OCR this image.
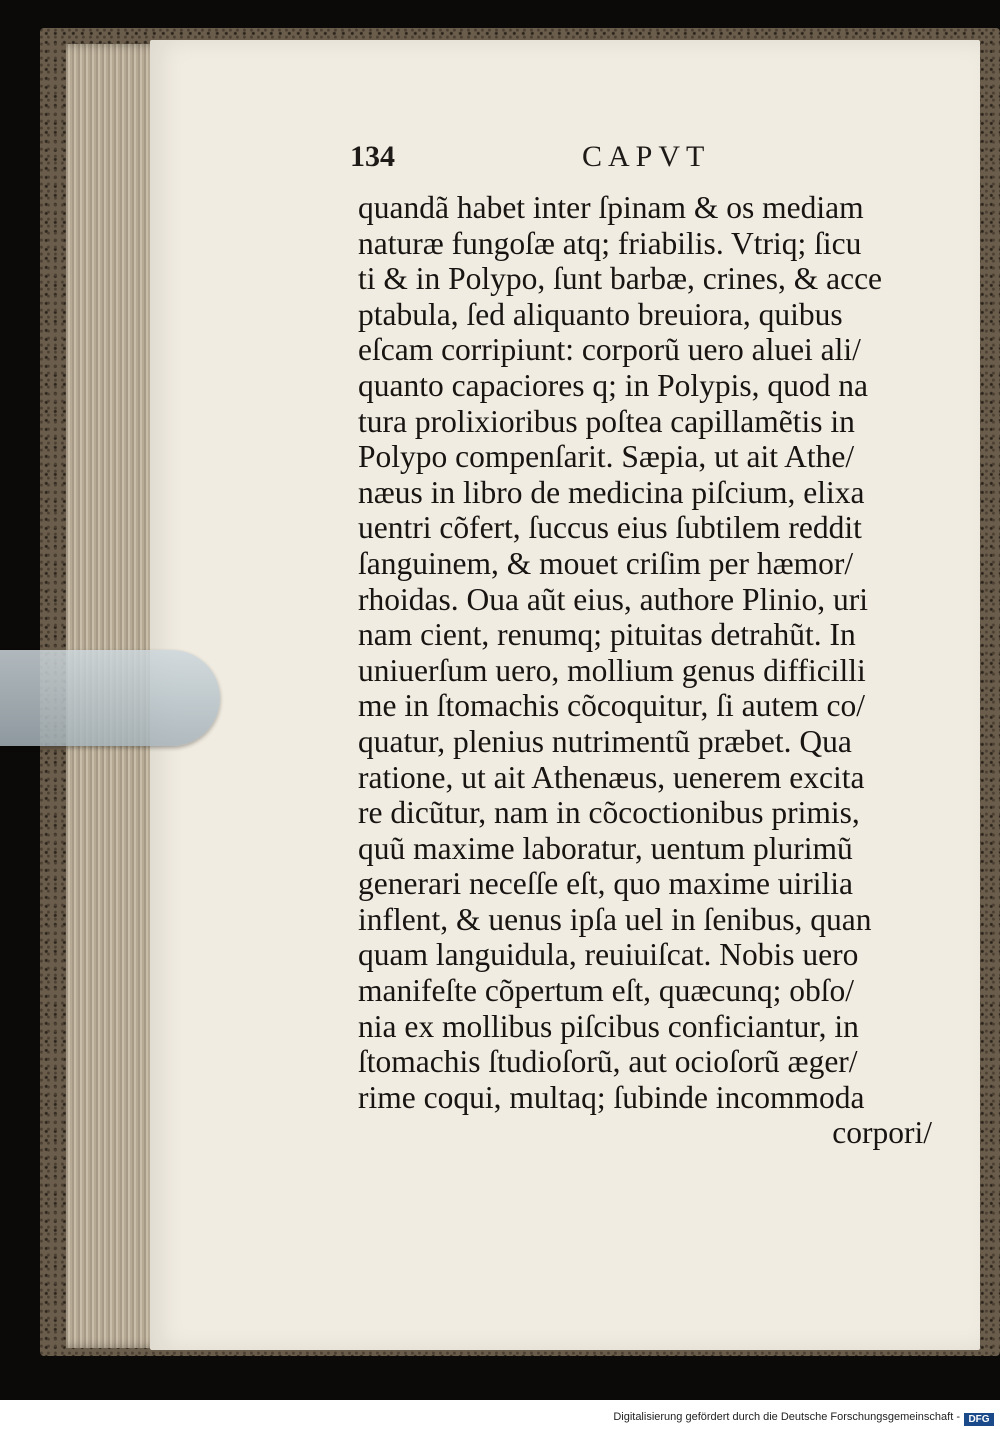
134	CAPVT
quandã habet inter ſpinam & os mediam
naturæ fungoſæ atq; friabilis. Vtriq; ſicu
ti & in Polypo, ſunt barbæ, crines, & acce
ptabula, ſed aliquanto breuiora, quibus
eſcam corripiunt: corporũ uero aluei ali/
quanto capaciores q; in Polypis, quod na
tura prolixioribus poſtea capillamẽtis in
Polypo compenſarit. Sæpia, ut ait Athe/
næus in libro de medicina piſcium, elixa
uentri cõfert, ſuccus eius ſubtilem reddit
ſanguinem, & mouet criſim per hæmor/
rhoidas. Oua aũt eius, authore Plinio, uri
nam cient, renumq; pituitas detrahũt. In
uniuerſum uero, mollium genus difficilli
me in ſtomachis cõcoquitur, ſi autem co/
quatur, plenius nutrimentũ præbet. Qua
ratione, ut ait Athenæus, uenerem excita
re dicũtur, nam in cõcoctionibus primis,
quũ maxime laboratur, uentum plurimũ
generari neceſſe eſt, quo maxime uirilia
inflent, & uenus ipſa uel in ſenibus, quan
quam languidula, reuiuiſcat. Nobis uero
manifeſte cõpertum eſt, quæcunq; obſo/
nia ex mollibus piſcibus conficiantur, in
ſtomachis ſtudioſorũ, aut ocioſorũ æger/
rime coqui, multaq; ſubinde incommoda
corpori/
Digitalisierung gefördert durch die Deutsche Forschungsgemeinschaft - DFG
